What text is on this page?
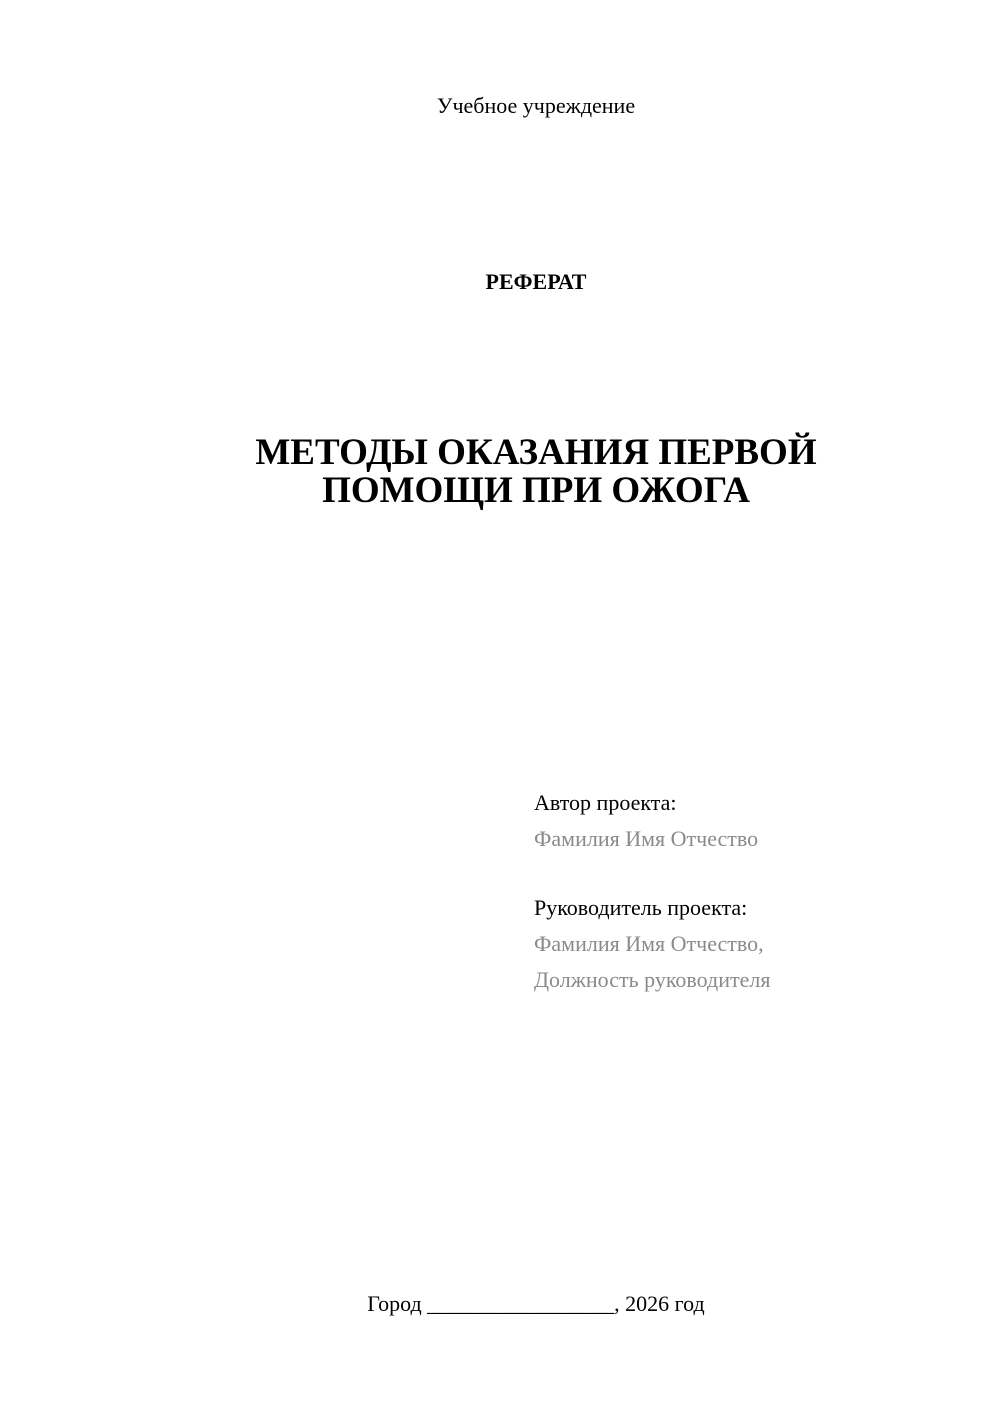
Учебное учреждение
РЕФЕРАТ
МЕТОДЫ ОКАЗАНИЯ ПЕРВОЙ
ПОМОЩИ ПРИ ОЖОГА
Автор проекта:
Фамилия Имя Отчество
Руководитель проекта:
Фамилия Имя Отчество,
Должность руководителя
Город _________________, 2026 год
